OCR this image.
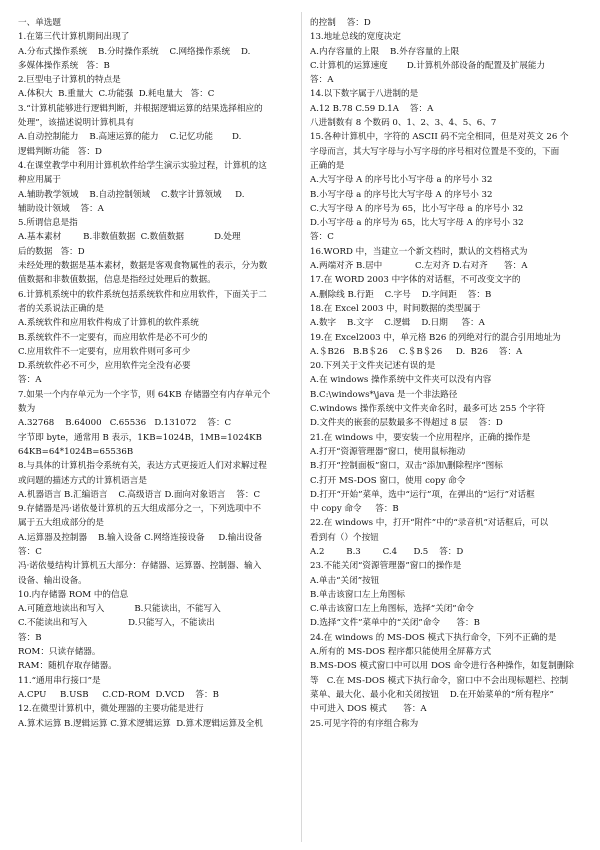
一、单选题
1.在第三代计算机期间出现了
A.分布式操作系统    B.分时操作系统    C.网络操作系统    D.
多媒体操作系统   答：B
2.巨型电子计算机的特点是
A.体积大  B.重量大  C.功能强  D.耗电量大   答：C
3.“计算机能够进行逻辑判断，并根据逻辑运算的结果选择相应的
处理”，该描述说明计算机具有
A.自动控制能力    B.高速运算的能力    C.记忆功能       D.
逻辑判断功能   答：D
4.在课堂教学中利用计算机软件给学生演示实验过程，计算机的这
种应用属于
A.辅助教学领域    B.自动控制领域    C.数字计算领域     D.
辅助设计领域    答：A
5.所谓信息是指
A.基本素材        B.非数值数据  C.数值数据           D.处理
后的数据   答：D
未经处理的数据是基本素材，数据是客观食物属性的表示，分为数
值数据和非数值数据，信息是指经过处理后的数据。
6.计算机系统中的软件系统包括系统软件和应用软件，下面关于二
者的关系说法正确的是
A.系统软件和应用软件构成了计算机的软件系统
B.系统软件不一定要有，而应用软件是必不可少的
C.应用软件不一定要有，应用软件则可多可少
D.系统软件必不可少，应用软件完全没有必要
答：A
7.如果一个内存单元为一个字节，则 64KB 存储器空有内存单元个
数为
A.32768    B.64000   C.65536   D.131072    答：C
字节即 byte，通常用 B 表示，1KB=1024B，1MB=1024KB
64KB=64*1024B=65536B
8.与具体的计算机指令系统有关，表达方式更接近人们对求解过程
或问题的描述方式的计算机语言是
A.机器语言 B.汇编语言    C.高级语言 D.面向对象语言    答：C
9.存储器是冯·诺依曼计算机的五大组成部分之一，下列选项中不
属于五大组成部分的是
A.运算器及控制器    B.输入设备 C.网络连接设备     D.输出设备
答：C
冯·诺依曼结构计算机五大部分：存储器、运算器、控制器、输入
设备、输出设备。
10.内存储器 ROM 中的信息
A.可随意地读出和写入           B.只能读出，不能写入
C.不能读出和写入               D.只能写入，不能读出
答：B
ROM：只读存储器。
RAM：随机存取存储器。
11.“通用串行接口”是
A.CPU     B.USB     C.CD-ROM  D.VCD    答：B
12.在微型计算机中，微处理器的主要功能是进行
A.算术运算 B.逻辑运算 C.算术逻辑运算  D.算术逻辑运算及全机
的控制    答：D
13.地址总线的宽度决定
A.内存容量的上限    B.外存容量的上限
C.计算机的运算速度       D.计算机外部设备的配置及扩展能力
答：A
14.以下数字属于八进制的是
A.12 B.78 C.59 D.1A    答：A
八进制数有 8 个数码 0、1、2、3、4、5、6、7
15.各种计算机中，字符的 ASCII 码不完全相同，但是对英文 26 个
字母而言，其大写字母与小写字母的序号相对位置是不变的，下面
正确的是
A.大写字母 A 的序号比小写字母 a 的序号小 32
B.小写字母 a 的序号比大写字母 A 的序号小 32
C.大写字母 A 的序号为 65，比小写字母 a 的序号小 32
D.小写字母 a 的序号为 65，比大写字母 A 的序号小 32
答：C
16.WORD 中，当建立一个新文档时，默认的文档格式为
A.两端对齐 B.居中            C.左对齐 D.右对齐      答：A
17.在 WORD 2003 中字体的对话框，不可改变文字的
A.删除线 B.行距    C.字号    D.字间距    答：B
18.在 Excel 2003 中，时间数据的类型属于
A.数字    B.文字    C.逻辑    D.日期     答：A
19.在 Excel2003 中，单元格 B26 的列绝对行的混合引用地址为
A.＄B26   B.B＄26    C.＄B＄26     D.  B26    答：A
20.下列关于文件夹记述有误的是
A.在 windows 操作系统中文件夹可以没有内容
B.C:\windows*\java 是一个非法路径
C.windows 操作系统中文件夹命名时，最多可达 255 个字符
D.文件夹的嵌套的层数最多不得超过 8 层    答：D
21.在 windows 中，要安装一个应用程序，正确的操作是
A.打开“资源管理器”窗口，使用鼠标拖动
B.打开“控制面板”窗口，双击“添加\删除程序”图标
C.打开 MS-DOS 窗口，使用 copy 命令
D.打开“开始”菜单，选中“运行”项，在弹出的“运行”对话框
中 copy 命令     答：B
22.在 windows 中，打开“附件”中的“录音机”对话框后，可以
看到有（）个按钮
A.2        B.3        C.4      D.5    答：D
23.不能关闭“资源管理器”窗口的操作是
A.单击“关闭”按钮
B.单击该窗口左上角图标
C.单击该窗口左上角图标，选择“关闭”命令
D.选择“文件”菜单中的“关闭”命令      答：B
24.在 windows 的 MS-DOS 模式下执行命令，下列不正确的是
A.所有的 MS-DOS 程序都只能使用全屏幕方式
B.MS-DOS 模式窗口中可以用 DOS 命令进行各种操作，如复制删除
等   C.在 MS-DOS 模式下执行命令，窗口中不会出现标题栏、控制
菜单、最大化、最小化和关闭按钮    D.在开始菜单的“所有程序”
中可进入 DOS 模式      答：A
25.可见字符的有序组合称为
